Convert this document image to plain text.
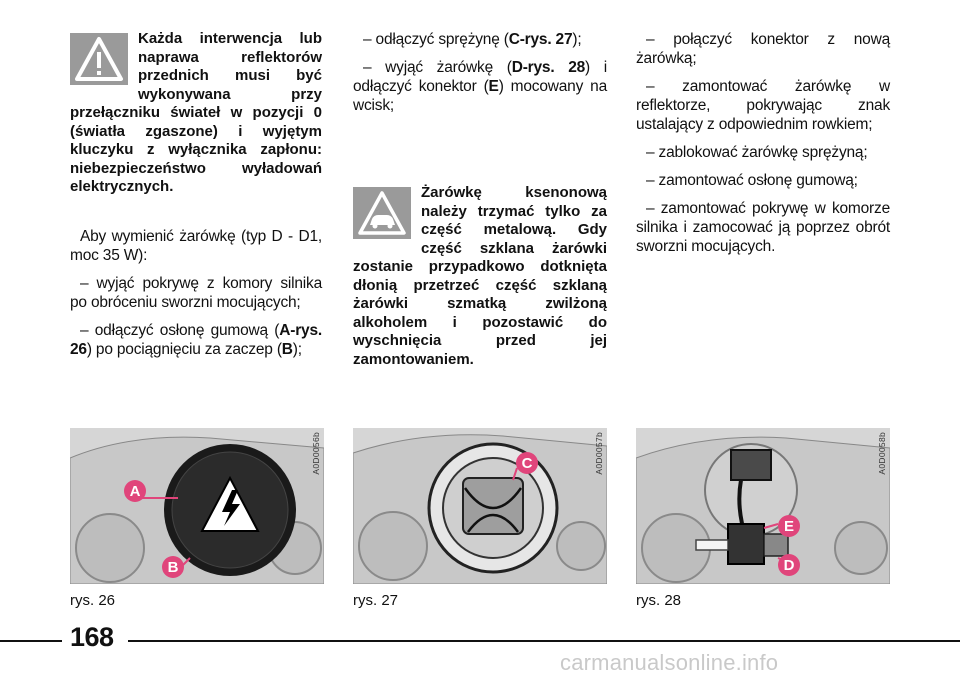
Każda interwencja lub naprawa reflektorów przednich musi być wykonywana przy przełączniku świateł w pozycji 0 (światła zgaszone) i wyjętym kluczyku z wyłącznika zapłonu: niebezpieczeństwo wyładowań elektrycznych.

Aby wymienić żarówkę (typ D - D1, moc 35 W):

– wyjąć pokrywę z komory silnika po obróceniu sworzni mocujących;

– odłączyć osłonę gumową (A-rys. 26) po pociągnięciu za zaczep (B);

– odłączyć sprężynę (C-rys. 27);

– wyjąć żarówkę (D-rys. 28) i odłączyć konektor (E) mocowany na wcisk;

Żarówkę ksenonową należy trzymać tylko za część metalową. Gdy część szklana żarówki zostanie przypadkowo dotknięta dłonią przetrzeć część szklaną żarówki szmatką zwilżoną alkoholem i pozostawić do wyschnięcia przed jej zamontowaniem.

– połączyć konektor z nową żarówką;

– zamontować żarówkę w reflektorze, pokrywając znak ustalający z odpowiednim rowkiem;

– zablokować żarówkę sprężyną;

– zamontować osłonę gumową;

– zamontować pokrywę w komorze silnika i zamocować ją poprzez obrót sworzni mocujących.

A0D0056b
A
B
A0D0057b
C	A0D0058b
E
D
rys. 26	rys. 27	rys. 28
168
carmanualsonline.info
